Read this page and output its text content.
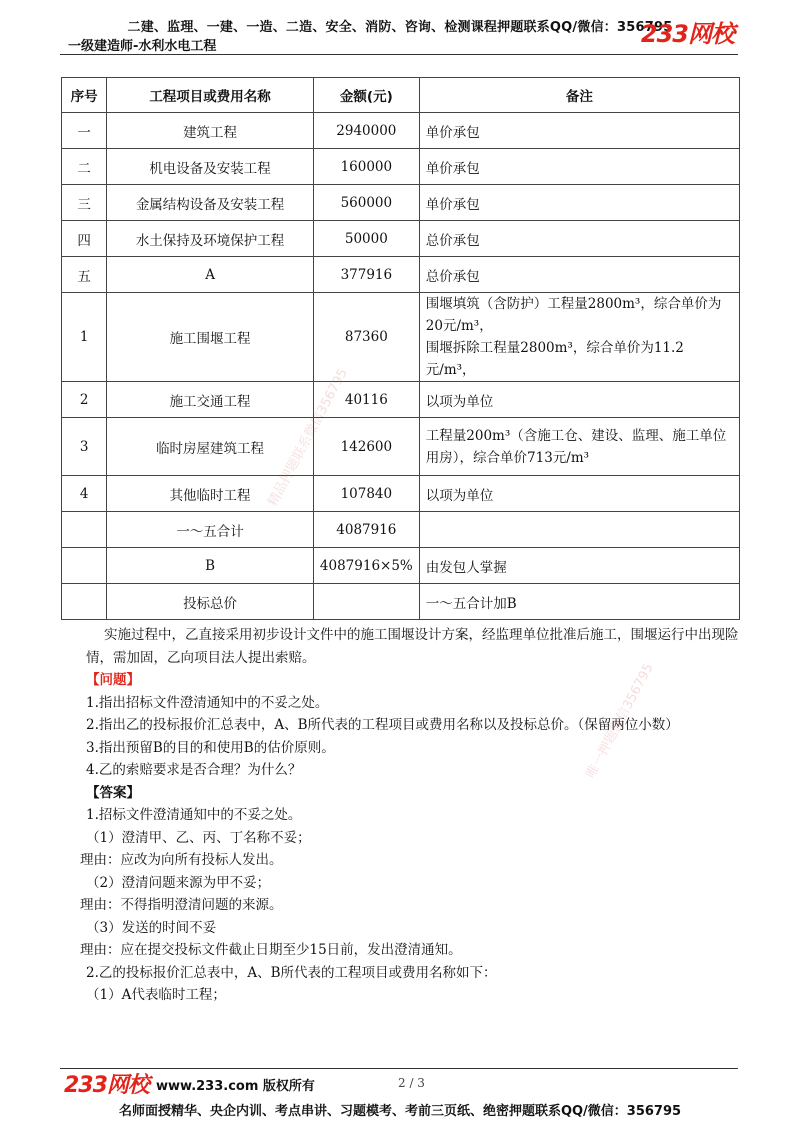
二建、监理、一建、一造、二造、安全、消防、咨询、检测课程押题联系QQ/微信：356795
一级建造师-水利水电工程	233网校
序号	工程项目或费用名称	金额(元)	备注
一	建筑工程	2940000	单价承包
二	机电设备及安装工程	160000	单价承包
三	金属结构设备及安装工程	560000	单价承包
四	水土保持及环境保护工程	50000	总价承包
五	A	377916	总价承包
1	施工围堰工程	87360	围堰填筑（含防护）工程量2800m³，综合单价为20元/m³，
围堰拆除工程量2800m³，综合单价为11.2元/m³，
2	施工交通工程	40116	以项为单位
3	临时房屋建筑工程	142600	工程量200m³（含施工仓、建设、监理、施工单位用房），综合单价713元/m³
4	其他临时工程	107840	以项为单位
	一～五合计	4087916	
	B	4087916×5%	由发包人掌握
	投标总价		一～五合计加B

实施过程中，乙直接采用初步设计文件中的施工围堰设计方案，经监理单位批准后施工，围堰运行中出现险情，需加固，乙向项目法人提出索赔。

【问题】

1.指出招标文件澄清通知中的不妥之处。

2.指出乙的投标报价汇总表中，A、B所代表的工程项目或费用名称以及投标总价。（保留两位小数）

3.指出预留B的目的和使用B的估价原则。

4.乙的索赔要求是否合理？为什么？

【答案】

1.招标文件澄清通知中的不妥之处。

（1）澄清甲、乙、丙、丁名称不妥；

理由：应改为向所有投标人发出。

（2）澄清问题来源为甲不妥；

理由：不得指明澄清问题的来源。

（3）发送的时间不妥

理由：应在提交投标文件截止日期至少15日前，发出澄清通知。

2.乙的投标报价汇总表中，A、B所代表的工程项目或费用名称如下：

（1）A代表临时工程；

精品押题联系微信356795
唯一押题微信356795
233网校 www.233.com 版权所有	2 / 3
名师面授精华、央企内训、考点串讲、习题模考、考前三页纸、绝密押题联系QQ/微信：356795
